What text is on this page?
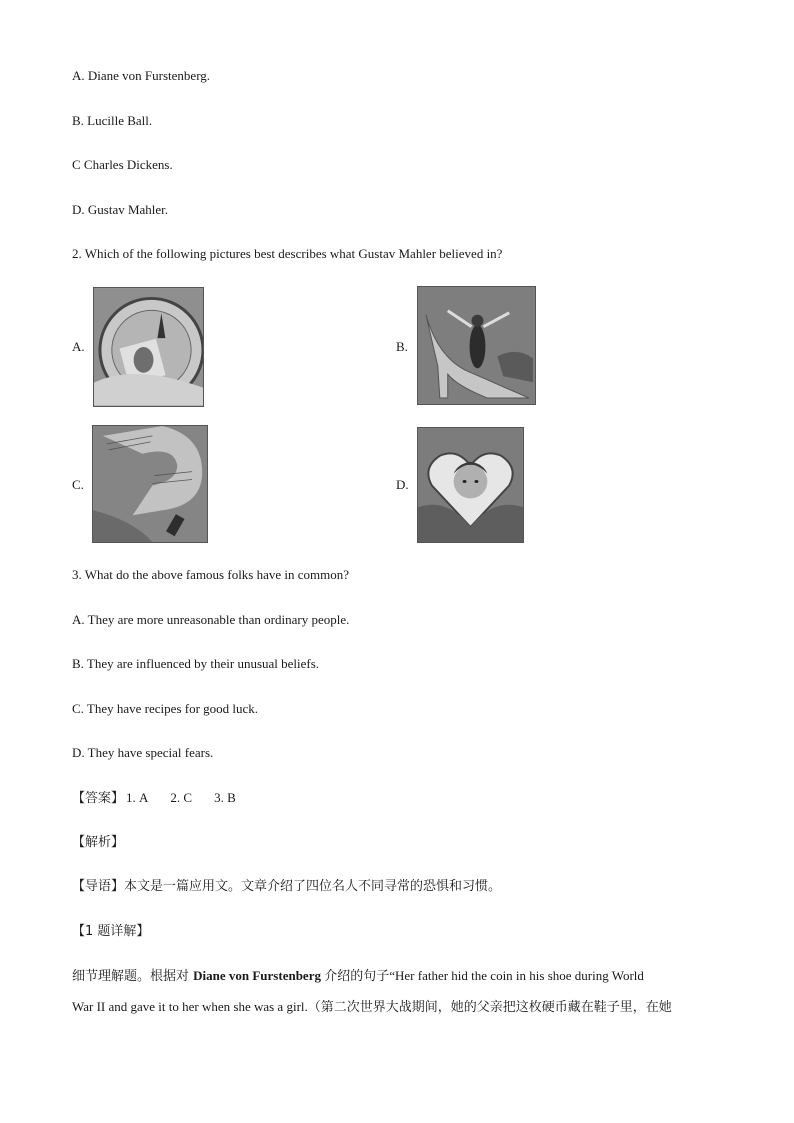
A. Diane von Furstenberg.
B. Lucille Ball.
C Charles Dickens.
D. Gustav Mahler.
2. Which of the following pictures best describes what Gustav Mahler believed in?
A.	B.
C.	D.
3. What do the above famous folks have in common?
A. They are more unreasonable than ordinary people.
B. They are influenced by their unusual beliefs.
C. They have recipes for good luck.
D. They have special fears.
【答案】 1. A 2. C 3. B
【解析】
【导语】本文是一篇应用文。文章介绍了四位名人不同寻常的恐惧和习惯。
【1 题详解】
细节理解题。根据对 Diane von Furstenberg 介绍的句子“Her father hid the coin in his shoe during World
War II and gave it to her when she was a girl.（第二次世界大战期间，她的父亲把这枚硬币藏在鞋子里，在她
